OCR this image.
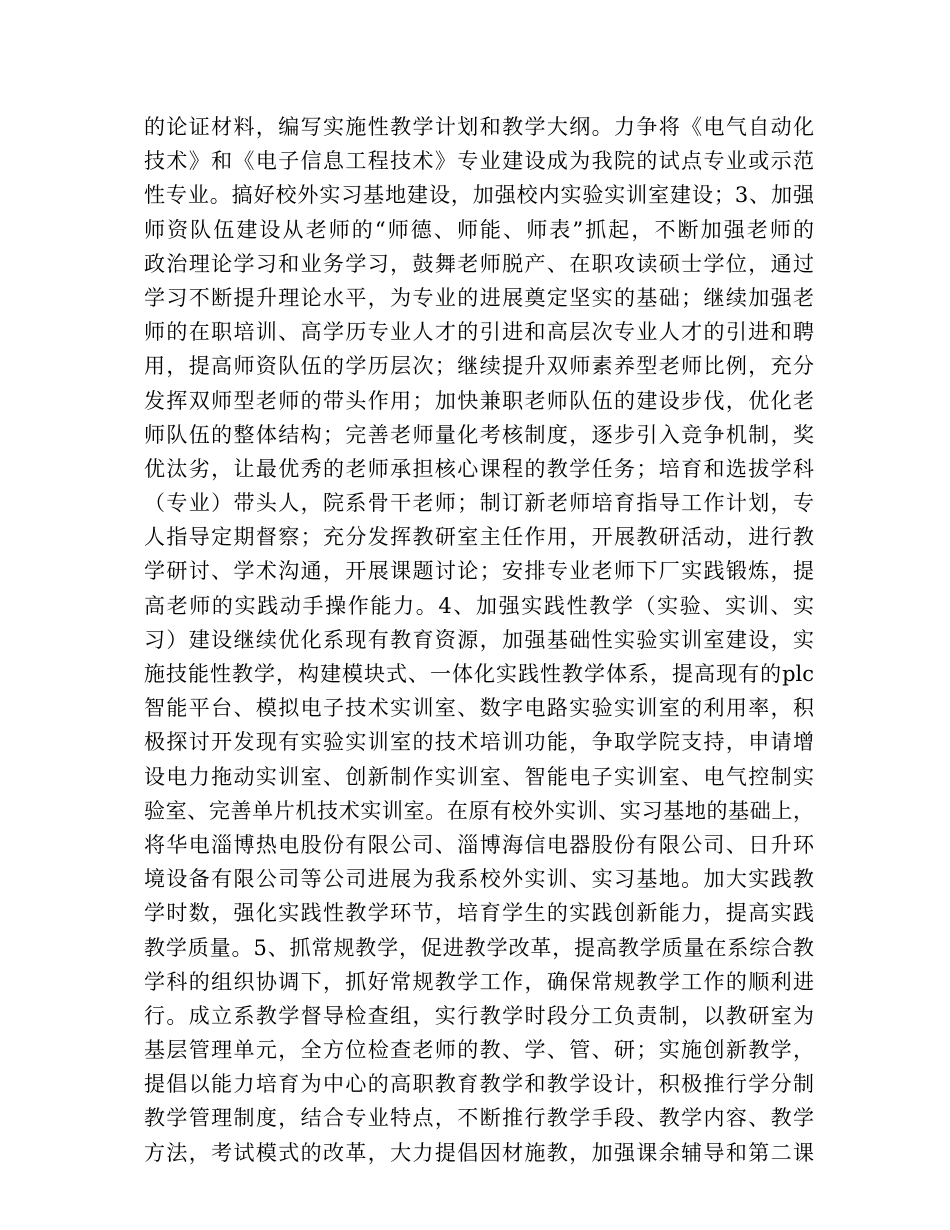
的论证材料，编写实施性教学计划和教学大纲。力争将《电气自动化
技术》和《电子信息工程技术》专业建设成为我院的试点专业或示范
性专业。搞好校外实习基地建设，加强校内实验实训室建设；3、加强
师资队伍建设从老师的“师德、师能、师表”抓起，不断加强老师的
政治理论学习和业务学习，鼓舞老师脱产、在职攻读硕士学位，通过
学习不断提升理论水平，为专业的进展奠定坚实的基础；继续加强老
师的在职培训、高学历专业人才的引进和高层次专业人才的引进和聘
用，提高师资队伍的学历层次；继续提升双师素养型老师比例，充分
发挥双师型老师的带头作用；加快兼职老师队伍的建设步伐，优化老
师队伍的整体结构；完善老师量化考核制度，逐步引入竞争机制，奖
优汰劣，让最优秀的老师承担核心课程的教学任务；培育和选拔学科
（专业）带头人，院系骨干老师；制订新老师培育指导工作计划，专
人指导定期督察；充分发挥教研室主任作用，开展教研活动，进行教
学研讨、学术沟通，开展课题讨论；安排专业老师下厂实践锻炼，提
高老师的实践动手操作能力。4、加强实践性教学（实验、实训、实
习）建设继续优化系现有教育资源，加强基础性实验实训室建设，实
施技能性教学，构建模块式、一体化实践性教学体系，提高现有的plc
智能平台、模拟电子技术实训室、数字电路实验实训室的利用率，积
极探讨开发现有实验实训室的技术培训功能，争取学院支持，申请增
设电力拖动实训室、创新制作实训室、智能电子实训室、电气控制实
验室、完善单片机技术实训室。在原有校外实训、实习基地的基础上，
将华电淄博热电股份有限公司、淄博海信电器股份有限公司、日升环
境设备有限公司等公司进展为我系校外实训、实习基地。加大实践教
学时数，强化实践性教学环节，培育学生的实践创新能力，提高实践
教学质量。5、抓常规教学，促进教学改革，提高教学质量在系综合教
学科的组织协调下，抓好常规教学工作，确保常规教学工作的顺利进
行。成立系教学督导检查组，实行教学时段分工负责制，以教研室为
基层管理单元，全方位检查老师的教、学、管、研；实施创新教学，
提倡以能力培育为中心的高职教育教学和教学设计，积极推行学分制
教学管理制度，结合专业特点，不断推行教学手段、教学内容、教学
方法，考试模式的改革，大力提倡因材施教，加强课余辅导和第二课
